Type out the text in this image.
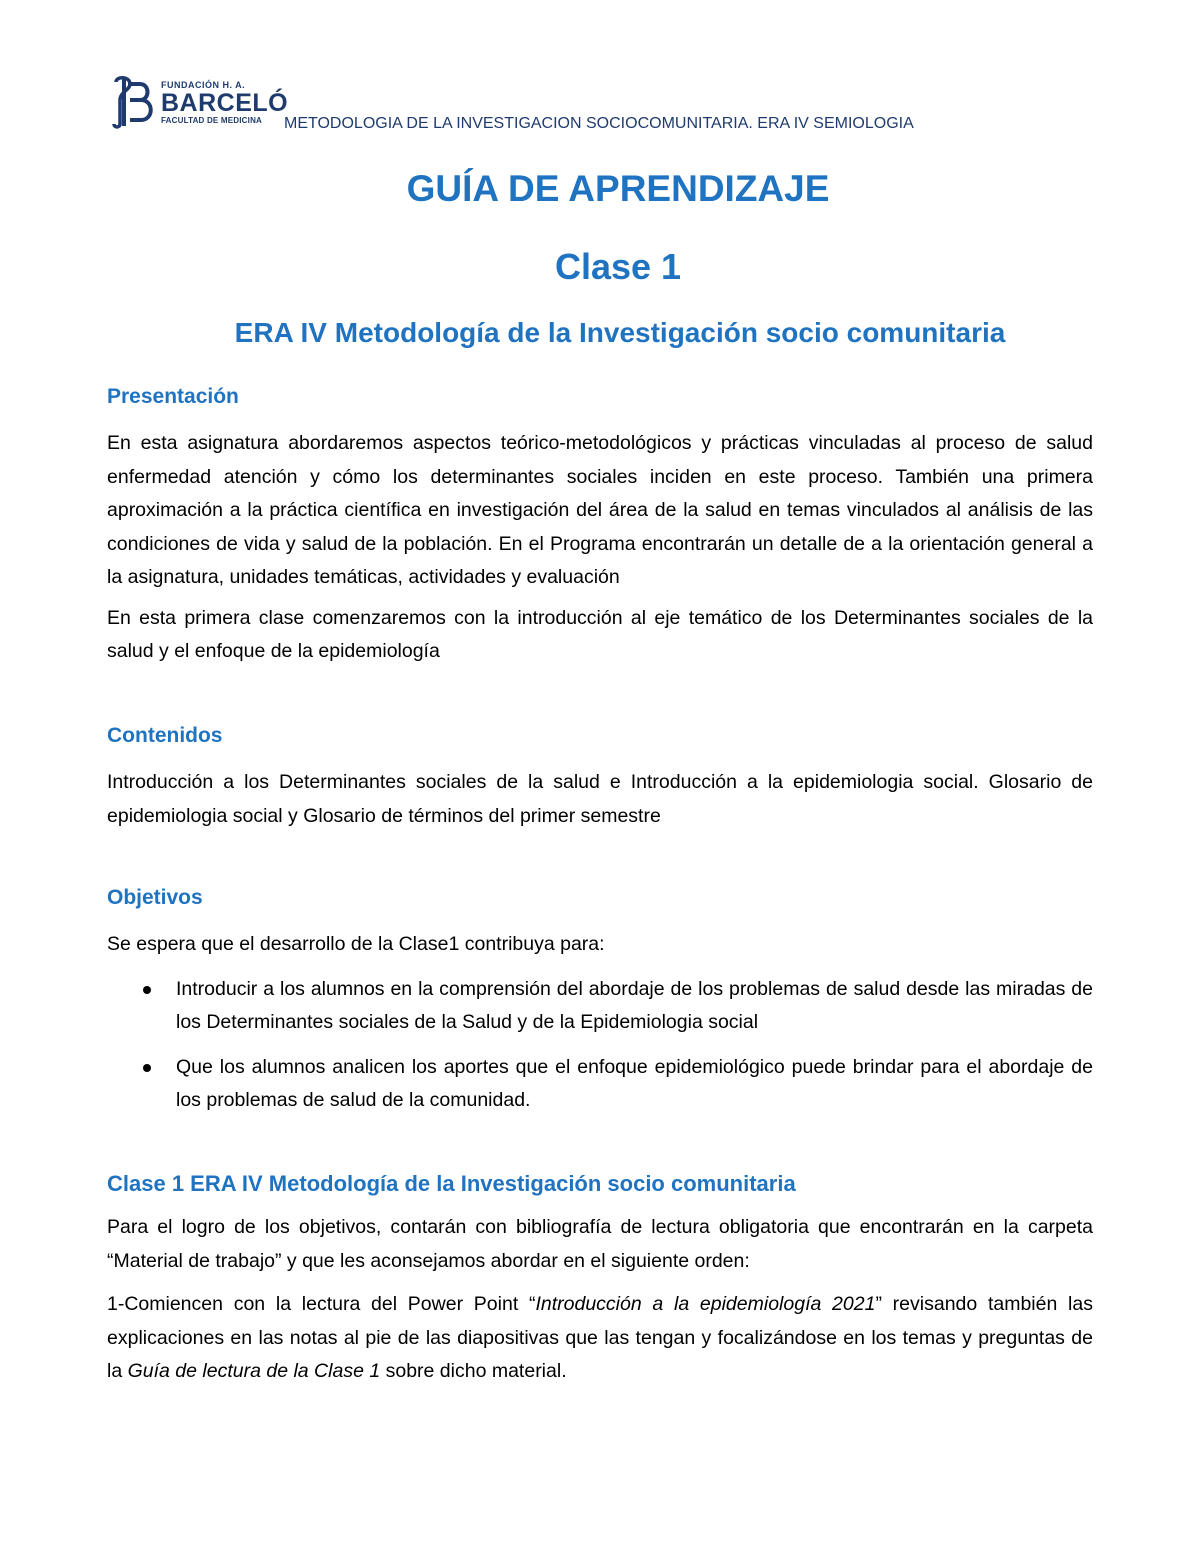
FUNDACIÓN H. A.
BARCELÓ
FACULTAD DE MEDICINA	METODOLOGIA DE LA INVESTIGACION SOCIOCOMUNITARIA. ERA IV SEMIOLOGIA
GUÍA DE APRENDIZAJE
Clase 1
ERA IV Metodología de la Investigación socio comunitaria
Presentación

En esta asignatura abordaremos aspectos teórico-metodológicos y prácticas vinculadas al proceso de salud enfermedad atención y cómo los determinantes sociales inciden en este proceso. También una primera aproximación a la práctica científica en investigación del área de la salud en temas vinculados al análisis de las condiciones de vida y salud de la población. En el Programa encontrarán un detalle de a la orientación general a la asignatura, unidades temáticas, actividades y evaluación

En esta primera clase comenzaremos con la introducción al eje temático de los Determinantes sociales de la salud y el enfoque de la epidemiología

Contenidos

Introducción a los Determinantes sociales de la salud e Introducción a la epidemiologia social. Glosario de epidemiologia social y Glosario de términos del primer semestre

Objetivos

Se espera que el desarrollo de la Clase1 contribuya para:

Introducir a los alumnos en la comprensión del abordaje de los problemas de salud desde las miradas de los Determinantes sociales de la Salud y de la Epidemiologia social
Que los alumnos analicen los aportes que el enfoque epidemiológico puede brindar para el abordaje de los problemas de salud de la comunidad.
Clase 1 ERA IV Metodología de la Investigación socio comunitaria

Para el logro de los objetivos, contarán con bibliografía de lectura obligatoria que encontrarán en la carpeta “Material de trabajo” y que les aconsejamos abordar en el siguiente orden:

1-Comiencen con la lectura del Power Point “Introducción a la epidemiología 2021” revisando también las explicaciones en las notas al pie de las diapositivas que las tengan y focalizándose en los temas y preguntas de la Guía de lectura de la Clase 1 sobre dicho material.
